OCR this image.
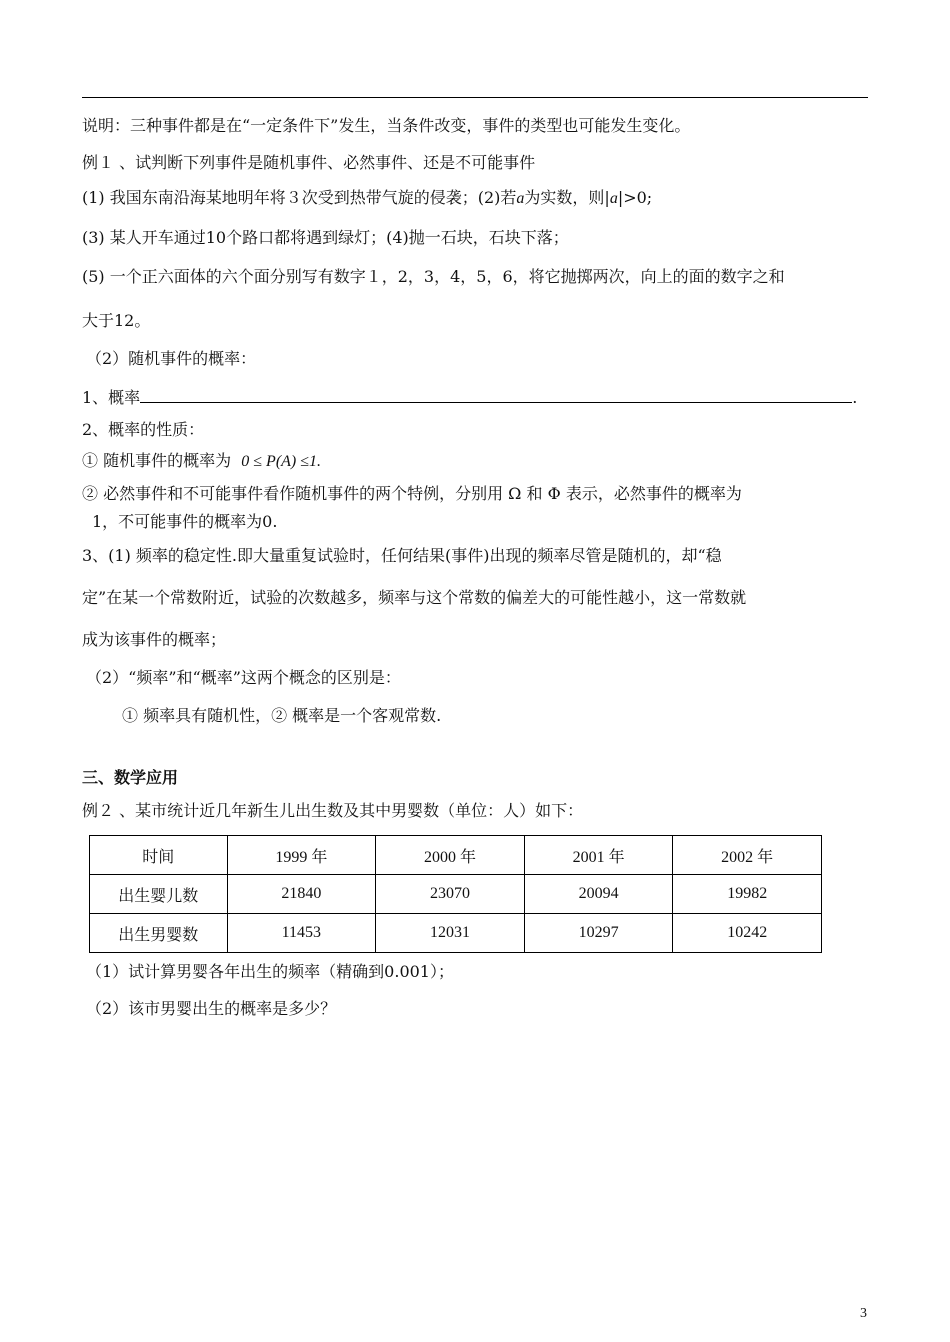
说明：三种事件都是在“一定条件下”发生，当条件改变，事件的类型也可能发生变化。
例１ 、试判断下列事件是随机事件、必然事件、还是不可能事件
(1) 我国东南沿海某地明年将３次受到热带气旋的侵袭；(2)若a为实数，则|a|>0;
(3) 某人开车通过10个路口都将遇到绿灯；(4)抛一石块，石块下落；
(5) 一个正六面体的六个面分别写有数字１，2，3，4，5，6，将它抛掷两次，向上的面的数字之和
大于12。
（2）随机事件的概率：
1、概率	.
2、概率的性质：
① 随机事件的概率为 0 ≤ P(A) ≤1.
② 必然事件和不可能事件看作随机事件的两个特例，分别用 Ω 和 Φ 表示，必然事件的概率为
1，不可能事件的概率为0.
3、(1) 频率的稳定性.即大量重复试验时，任何结果(事件)出现的频率尽管是随机的，却“稳
定”在某一个常数附近，试验的次数越多，频率与这个常数的偏差大的可能性越小，这一常数就
成为该事件的概率；
（2）“频率”和“概率”这两个概念的区别是：
① 频率具有随机性，② 概率是一个客观常数.
三、数学应用
例２ 、某市统计近几年新生儿出生数及其中男婴数（单位：人）如下：
时间	1999 年	2000 年	2001 年	2002 年
出生婴儿数	21840	23070	20094	19982
出生男婴数	11453	12031	10297	10242
（1）试计算男婴各年出生的频率（精确到0.001）；
（2）该市男婴出生的概率是多少？
3
